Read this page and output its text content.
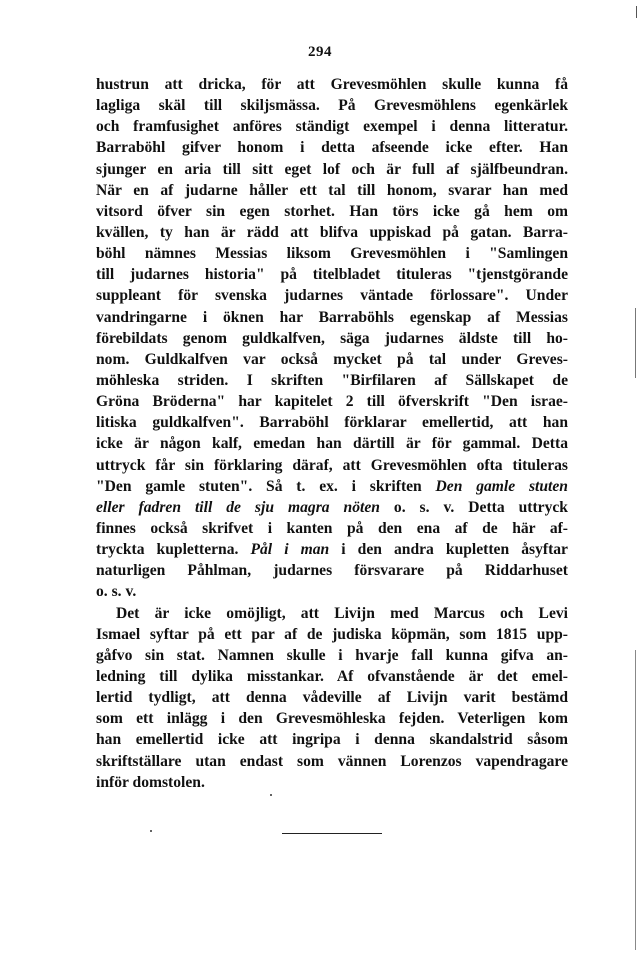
294
hustrun att dricka, för att Grevesmöhlen skulle kunna få
lagliga skäl till skiljsmässa. På Grevesmöhlens egenkärlek
och framfusighet anföres ständigt exempel i denna litteratur.
Barraböhl gifver honom i detta afseende icke efter. Han
sjunger en aria till sitt eget lof och är full af själfbeundran.
När en af judarne håller ett tal till honom, svarar han med
vitsord öfver sin egen storhet. Han törs icke gå hem om
kvällen, ty han är rädd att blifva uppiskad på gatan. Barra-
böhl nämnes Messias liksom Grevesmöhlen i "Samlingen
till judarnes historia" på titelbladet tituleras "tjenstgörande
suppleant för svenska judarnes väntade förlossare". Under
vandringarne i öknen har Barraböhls egenskap af Messias
förebildats genom guldkalfven, säga judarnes äldste till ho-
nom. Guldkalfven var också mycket på tal under Greves-
möhleska striden. I skriften "Birfilaren af Sällskapet de
Gröna Bröderna" har kapitelet 2 till öfverskrift "Den israe-
litiska guldkalfven". Barraböhl förklarar emellertid, att han
icke är någon kalf, emedan han därtill är för gammal. Detta
uttryck får sin förklaring däraf, att Grevesmöhlen ofta tituleras
"Den gamle stuten". Så t. ex. i skriften Den gamle stuten
eller fadren till de sju magra nöten o. s. v. Detta uttryck
finnes också skrifvet i kanten på den ena af de här af-
tryckta kupletterna. Pål i man i den andra kupletten åsyftar
naturligen Påhlman, judarnes försvarare på Riddarhuset
o. s. v.
Det är icke omöjligt, att Livijn med Marcus och Levi
Ismael syftar på ett par af de judiska köpmän, som 1815 upp-
gåfvo sin stat. Namnen skulle i hvarje fall kunna gifva an-
ledning till dylika misstankar. Af ofvanstående är det emel-
lertid tydligt, att denna vådeville af Livijn varit bestämd
som ett inlägg i den Grevesmöhleska fejden. Veterligen kom
han emellertid icke att ingripa i denna skandalstrid såsom
skriftställare utan endast som vännen Lorenzos vapendragare
inför domstolen.
